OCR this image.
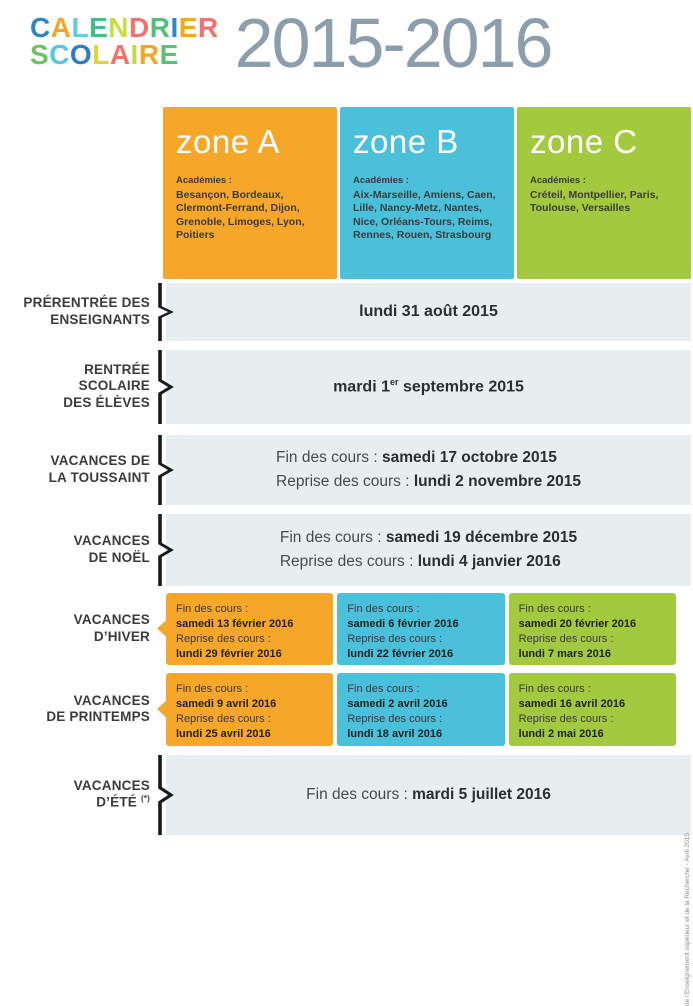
CALENDRIER
SCOLAIRE 2015-2016
zone A
Académies :
Besançon, Bordeaux, Clermont-Ferrand, Dijon, Grenoble, Limoges, Lyon, Poitiers
zone B
Académies :
Aix-Marseille, Amiens, Caen, Lille, Nancy-Metz, Nantes, Nice, Orléans-Tours, Reims, Rennes, Rouen, Strasbourg
zone C
Académies :
Créteil, Montpellier, Paris, Toulouse, Versailles
PRÉRENTRÉE DES
ENSEIGNANTS	lundi 31 août 2015
RENTRÉE
SCOLAIRE
DES ÉLÈVES
mardi 1er septembre 2015
VACANCES DE
LA TOUSSAINT
Fin des cours : samedi 17 octobre 2015
Reprise des cours : lundi 2 novembre 2015
VACANCES
DE NOËL
Fin des cours : samedi 19 décembre 2015
Reprise des cours : lundi 4 janvier 2016
VACANCES
D’HIVER
Fin des cours :
samedi 13 février 2016
Reprise des cours :
lundi 29 février 2016
Fin des cours :
samedi 6 février 2016
Reprise des cours :
lundi 22 février 2016
Fin des cours :
samedi 20 février 2016
Reprise des cours :
lundi 7 mars 2016
VACANCES
DE PRINTEMPS
Fin des cours :
samedi 9 avril 2016
Reprise des cours :
lundi 25 avril 2016
Fin des cours :
samedi 2 avril 2016
Reprise des cours :
lundi 18 avril 2016
Fin des cours :
samedi 16 avril 2016
Reprise des cours :
lundi 2 mai 2016
VACANCES
D’ÉTÉ (*)	Fin des cours : mardi 5 juillet 2016
de l’Enseignement supérieur et de la Recherche - Avril 2015
